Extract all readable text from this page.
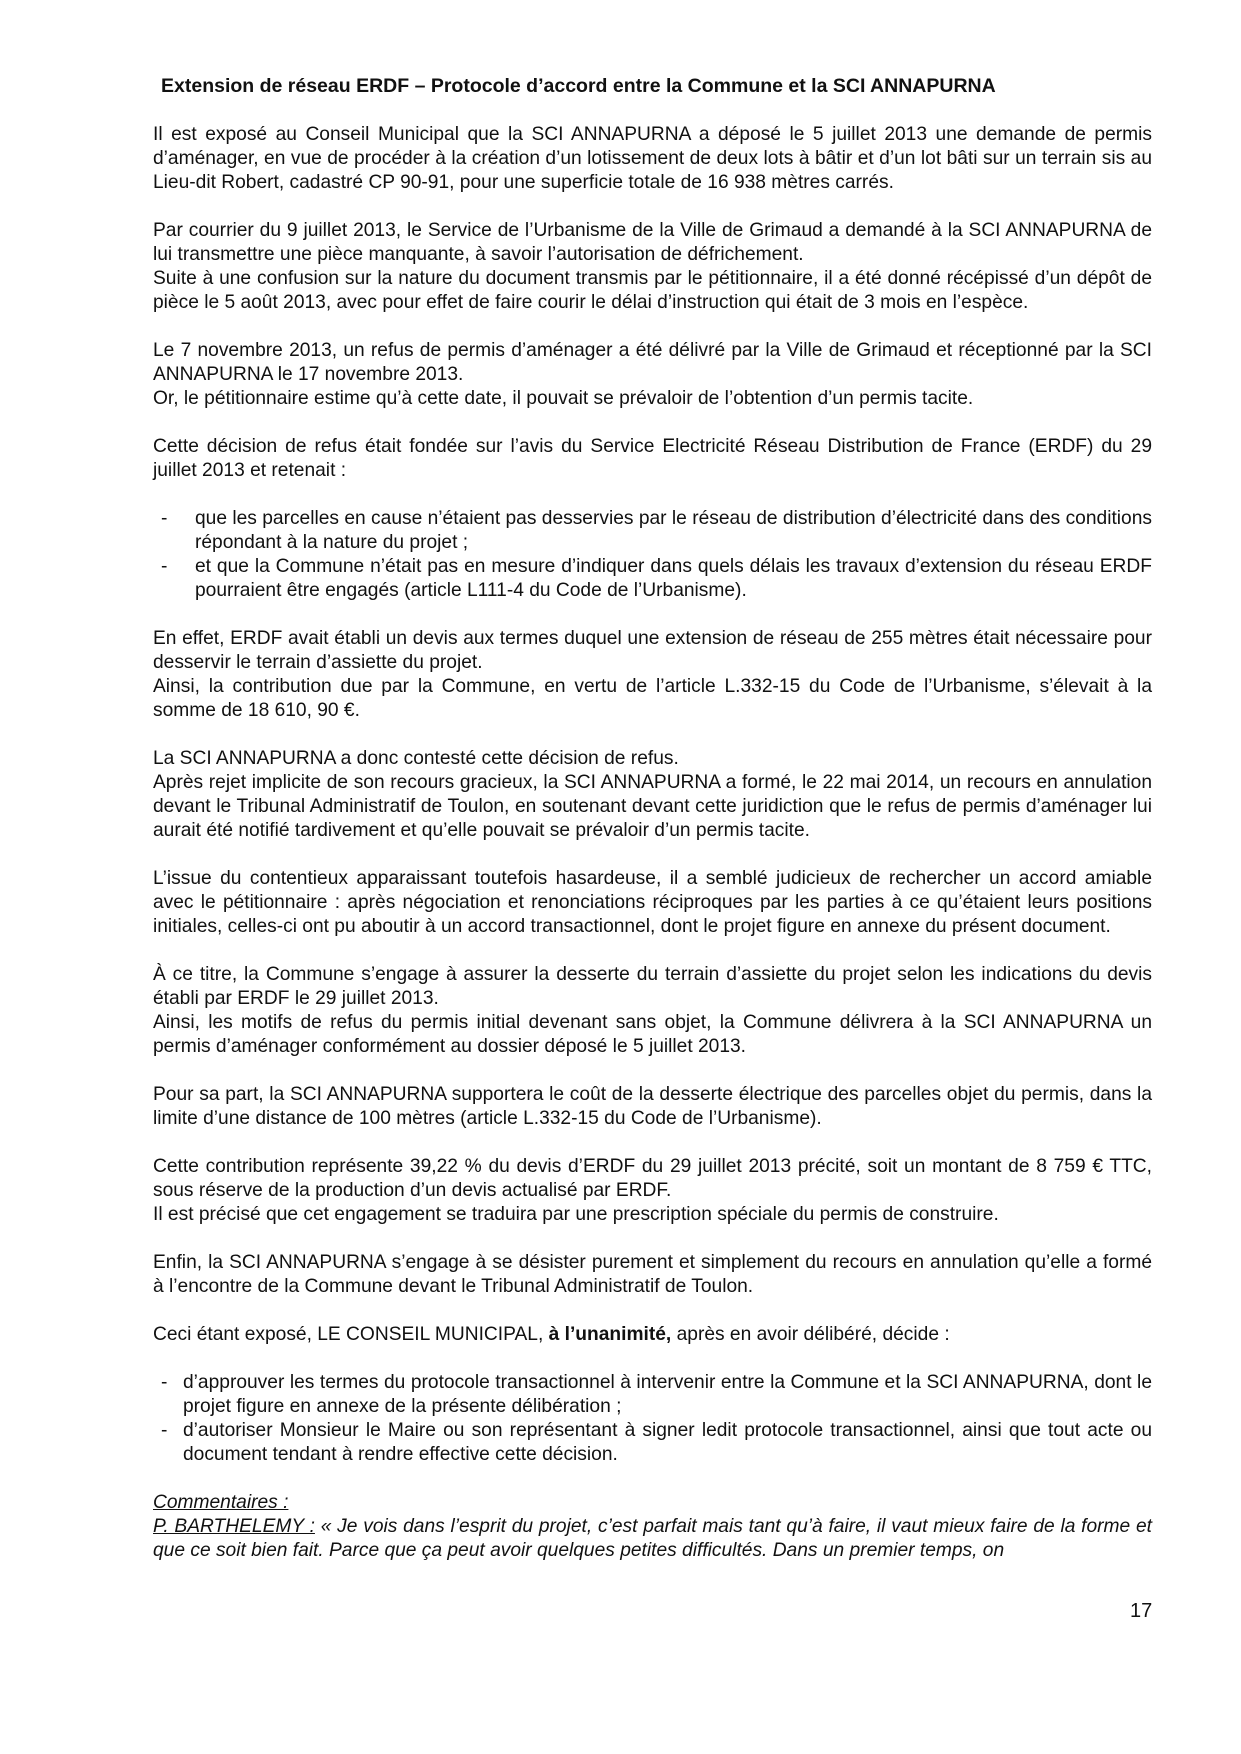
Extension de réseau ERDF – Protocole d’accord entre la Commune et la SCI ANNAPURNA

Il est exposé au Conseil Municipal que la SCI ANNAPURNA a déposé le 5 juillet 2013 une demande de permis d’aménager, en vue de procéder à la création d’un lotissement de deux lots à bâtir et d’un lot bâti sur un terrain sis au Lieu-dit Robert, cadastré CP 90-91, pour une superficie totale de 16 938 mètres carrés.

Par courrier du 9 juillet 2013, le Service de l’Urbanisme de la Ville de Grimaud a demandé à la SCI ANNAPURNA de lui transmettre une pièce manquante, à savoir l’autorisation de défrichement.

Suite à une confusion sur la nature du document transmis par le pétitionnaire, il a été donné récépissé d’un dépôt de pièce le 5 août 2013, avec pour effet de faire courir le délai d’instruction qui était de 3 mois en l’espèce.

Le 7 novembre 2013, un refus de permis d’aménager a été délivré par la Ville de Grimaud et réceptionné par la SCI ANNAPURNA le 17 novembre 2013.

Or, le pétitionnaire estime qu’à cette date, il pouvait se prévaloir de l’obtention d’un permis tacite.

Cette décision de refus était fondée sur l’avis du Service Electricité Réseau Distribution de France (ERDF) du 29 juillet 2013 et retenait :

- que les parcelles en cause n’étaient pas desservies par le réseau de distribution d’électricité dans des conditions répondant à la nature du projet ;
- et que la Commune n’était pas en mesure d’indiquer dans quels délais les travaux d’extension du réseau ERDF pourraient être engagés (article L111-4 du Code de l’Urbanisme).

En effet, ERDF avait établi un devis aux termes duquel une extension de réseau de 255 mètres était nécessaire pour desservir le terrain d’assiette du projet.

Ainsi, la contribution due par la Commune, en vertu de l’article L.332-15 du Code de l’Urbanisme, s’élevait à la somme de 18 610, 90 €.

La SCI ANNAPURNA a donc contesté cette décision de refus.

Après rejet implicite de son recours gracieux, la SCI ANNAPURNA a formé, le 22 mai 2014, un recours en annulation devant le Tribunal Administratif de Toulon, en soutenant devant cette juridiction que le refus de permis d’aménager lui aurait été notifié tardivement et qu’elle pouvait se prévaloir d’un permis tacite.

L’issue du contentieux apparaissant toutefois hasardeuse, il a semblé judicieux de rechercher un accord amiable avec le pétitionnaire : après négociation et renonciations réciproques par les parties à ce qu’étaient leurs positions initiales, celles-ci ont pu aboutir à un accord transactionnel, dont le projet figure en annexe du présent document.

À ce titre, la Commune s’engage à assurer la desserte du terrain d’assiette du projet selon les indications du devis établi par ERDF le 29 juillet 2013.

Ainsi, les motifs de refus du permis initial devenant sans objet, la Commune délivrera à la SCI ANNAPURNA un permis d’aménager conformément au dossier déposé le 5 juillet 2013.

Pour sa part, la SCI ANNAPURNA supportera le coût de la desserte électrique des parcelles objet du permis, dans la limite d’une distance de 100 mètres (article L.332-15 du Code de l’Urbanisme).

Cette contribution représente 39,22 % du devis d’ERDF du 29 juillet 2013 précité, soit un montant de 8 759 € TTC, sous réserve de la production d’un devis actualisé par ERDF.

Il est précisé que cet engagement se traduira par une prescription spéciale du permis de construire.

Enfin, la SCI ANNAPURNA s’engage à se désister purement et simplement du recours en annulation qu’elle a formé à l’encontre de la Commune devant le Tribunal Administratif de Toulon.

Ceci étant exposé, LE CONSEIL MUNICIPAL, à l’unanimité, après en avoir délibéré, décide :

- d’approuver les termes du protocole transactionnel à intervenir entre la Commune et la SCI ANNAPURNA, dont le projet figure en annexe de la présente délibération ;
- d’autoriser Monsieur le Maire ou son représentant à signer ledit protocole transactionnel, ainsi que tout acte ou document tendant à rendre effective cette décision.

Commentaires :

P. BARTHELEMY : « Je vois dans l’esprit du projet, c’est parfait mais tant qu’à faire, il vaut mieux faire de la forme et que ce soit bien fait. Parce que ça peut avoir quelques petites difficultés. Dans un premier temps, on

17
